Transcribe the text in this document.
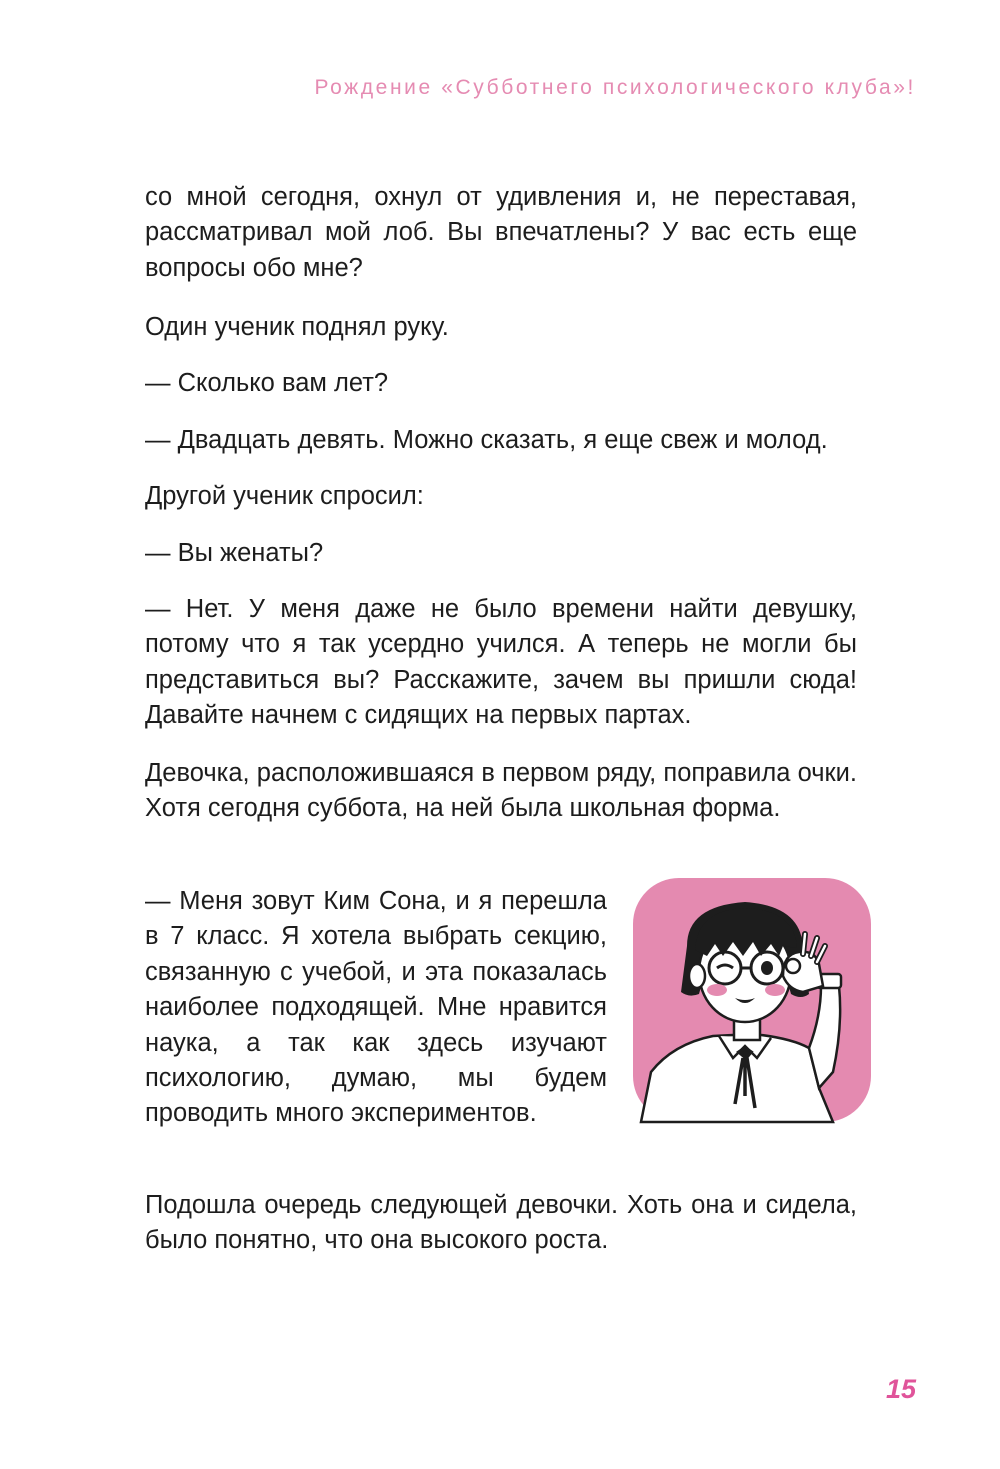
Рождение «Субботнего психологического клуба»!

со мной сегодня, охнул от удивления и, не переставая, рассматривал мой лоб. Вы впечатлены? У вас есть еще вопросы обо мне?

Один ученик поднял руку.

— Сколько вам лет?

— Двадцать девять. Можно сказать, я еще свеж и молод.

Другой ученик спросил:

— Вы женаты?

— Нет. У меня даже не было времени найти девушку, потому что я так усердно учился. А теперь не могли бы представиться вы? Расскажите, зачем вы пришли сюда! Давайте начнем с сидящих на первых партах.

Девочка, расположившаяся в первом ряду, поправила очки. Хотя сегодня суббота, на ней была школьная форма.

— Меня зовут Ким Сона, и я перешла в 7 класс. Я хотела выбрать секцию, связанную с учебой, и эта показалась наиболее подходящей. Мне нравится наука, а так как здесь изучают психологию, думаю, мы будем проводить много экспериментов.

Подошла очередь следующей девочки. Хоть она и сидела, было понятно, что она высокого роста.

15
